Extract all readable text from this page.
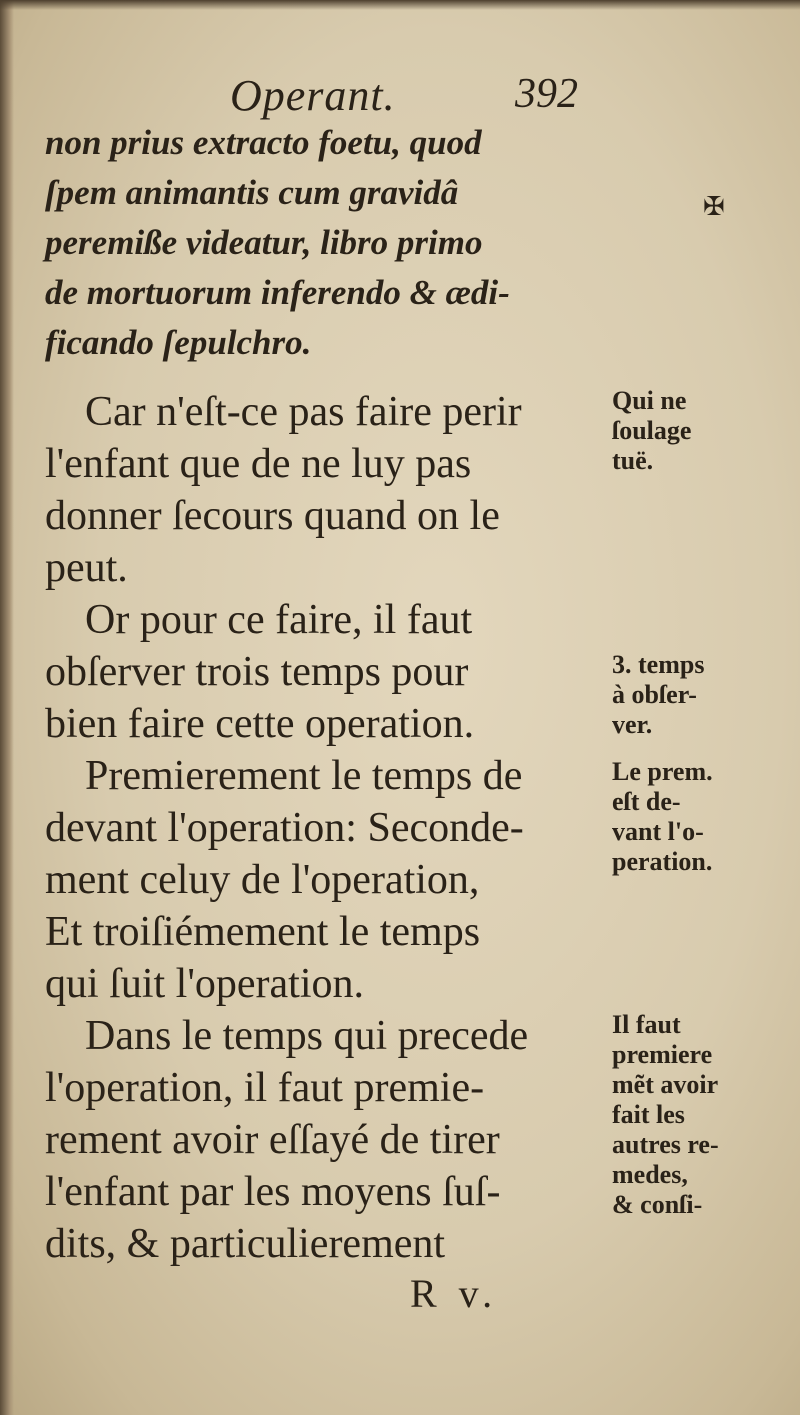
Operant.	392
non prius extracto foetu, quod
ſpem animantis cum gravidâ
peremiße videatur, libro primo
de mortuorum inferendo & ædi-
ficando ſepulchro.
✠
Car n'eſt-ce pas faire perir
l'enfant que de ne luy pas
donner ſecours quand on le
peut.
Or pour ce faire, il faut
obſerver trois temps pour
bien faire cette operation.
Premierement le temps de
devant l'operation: Seconde-
ment celuy de l'operation,
Et troiſiémement le temps
qui ſuit l'operation.
Dans le temps qui precede
l'operation, il faut premie-
rement avoir eſſayé de tirer
l'enfant par les moyens ſuſ-
dits, & particulierement
Qui ne
ſoulage
tuë.
3. temps
à obſer-
ver.
Le prem.
eſt de-
vant l'o-
peration.
Il faut
premiere
mẽt avoir
fait les
autres re-
medes,
& conſi-
R v.
